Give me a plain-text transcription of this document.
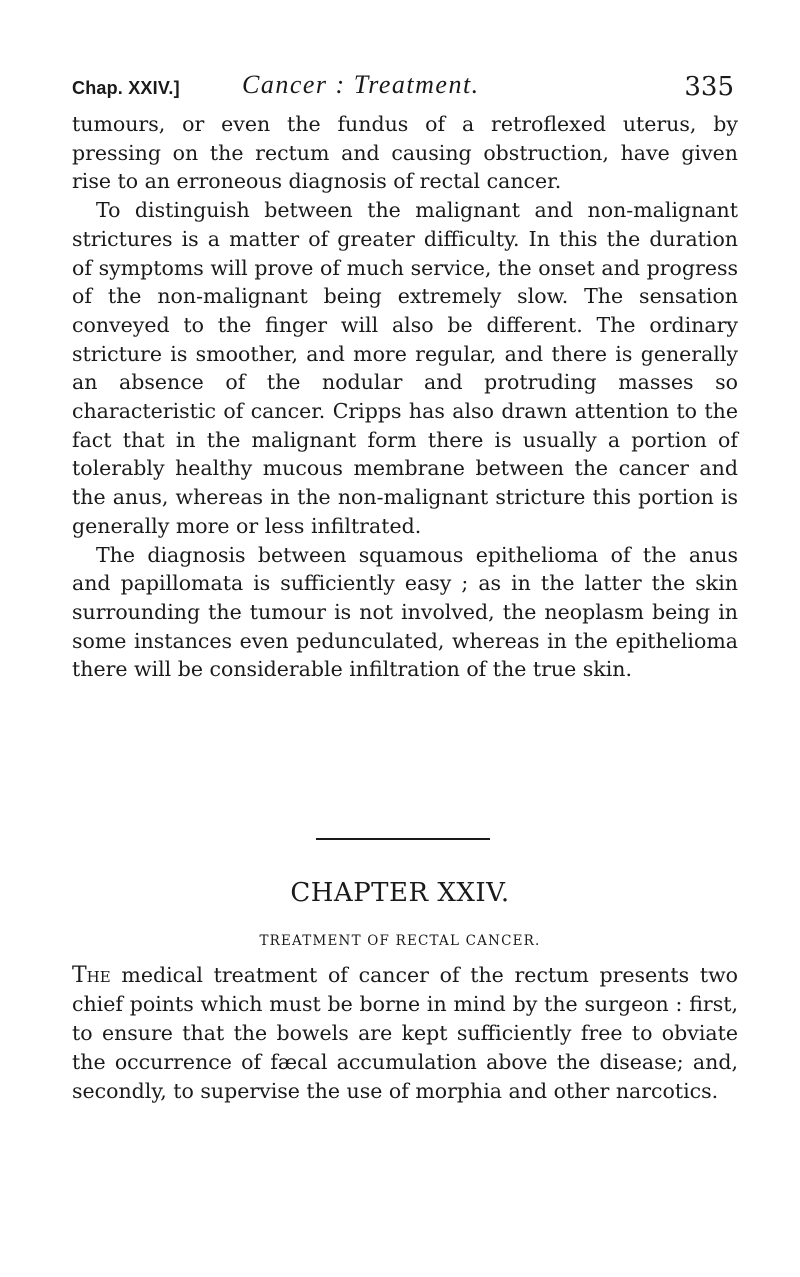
Chap. XXIV.] Cancer : Treatment.	335

tumours, or even the fundus of a retroflexed uterus, by pressing on the rectum and causing obstruction, have given rise to an erroneous diagnosis of rectal cancer.

To distinguish between the malignant and non-malignant strictures is a matter of greater difficulty. In this the duration of symptoms will prove of much service, the onset and progress of the non-malignant being extremely slow. The sensation conveyed to the finger will also be different. The ordinary stricture is smoother, and more regular, and there is generally an absence of the nodular and protruding masses so characteristic of cancer. Cripps has also drawn attention to the fact that in the malignant form there is usually a portion of tolerably healthy mucous membrane between the cancer and the anus, whereas in the non-malignant stricture this portion is generally more or less infiltrated.

The diagnosis between squamous epithelioma of the anus and papillomata is sufficiently easy ; as in the latter the skin surrounding the tumour is not involved, the neoplasm being in some instances even pedunculated, whereas in the epithelioma there will be considerable infiltration of the true skin.

CHAPTER XXIV.
TREATMENT OF RECTAL CANCER.
The medical treatment of cancer of the rectum presents two chief points which must be borne in mind by the surgeon : first, to ensure that the bowels are kept sufficiently free to obviate the occurrence of fæcal accumulation above the disease; and, secondly, to supervise the use of morphia and other narcotics.
